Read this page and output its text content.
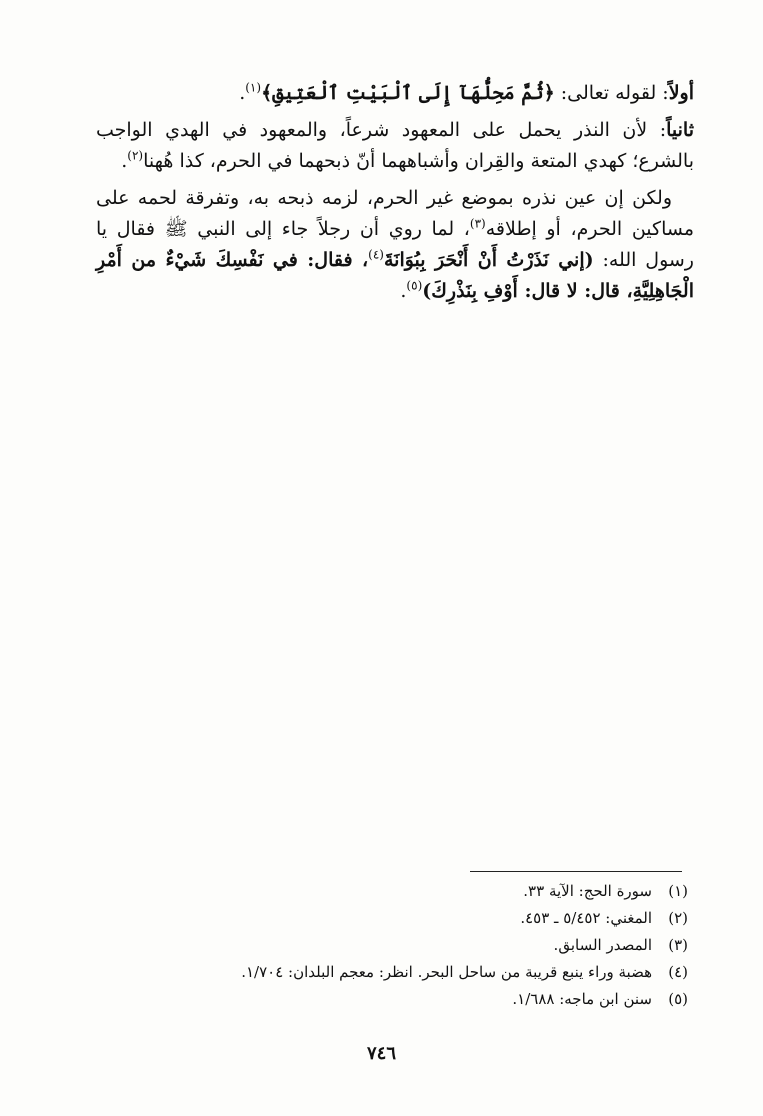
أولاً: لقوله تعالى: ﴿ثُمَّ مَحِلُّهَآ إِلَى ٱلْبَيْتِ ٱلْعَتِيقِ﴾$^{(١)}$.

ثانياً: لأن النذر يحمل على المعهود شرعاً، والمعهود في الهدي الواجب بالشرع؛ كهدي المتعة والقِران وأشباههما أنّ ذبحهما في الحرم، كذا هُهنا$^{(٢)}$.

ولكن إن عين نذره بموضع غير الحرم، لزمه ذبحه به، وتفرقة لحمه على مساكين الحرم، أو إطلاقه$^{(٣)}$، لما روي أن رجلاً جاء إلى النبي ﷺ فقال يا رسول الله: (إني نَذَرْتُ أَنْ أَنْحَرَ بِبُوَانَةَ$^{(٤)}$، فقال: في نَفْسِكَ شَيْءٌ من أَمْرِ الْجَاهِلِيَّةِ، قال: لا قال: أَوْفِ بِنَذْرِكَ)$^{(٥)}$.

(١)
سورة الحج: الآية ٣٣.
(٢)
المغني: ٥/٤٥٢ ـ ٤٥٣.
(٣)
المصدر السابق.
(٤)
هضبة وراء ينبع قريبة من ساحل البحر. انظر: معجم البلدان: ١/٧٠٤.
(٥)
سنن ابن ماجه: ١/٦٨٨.
٧٤٦
